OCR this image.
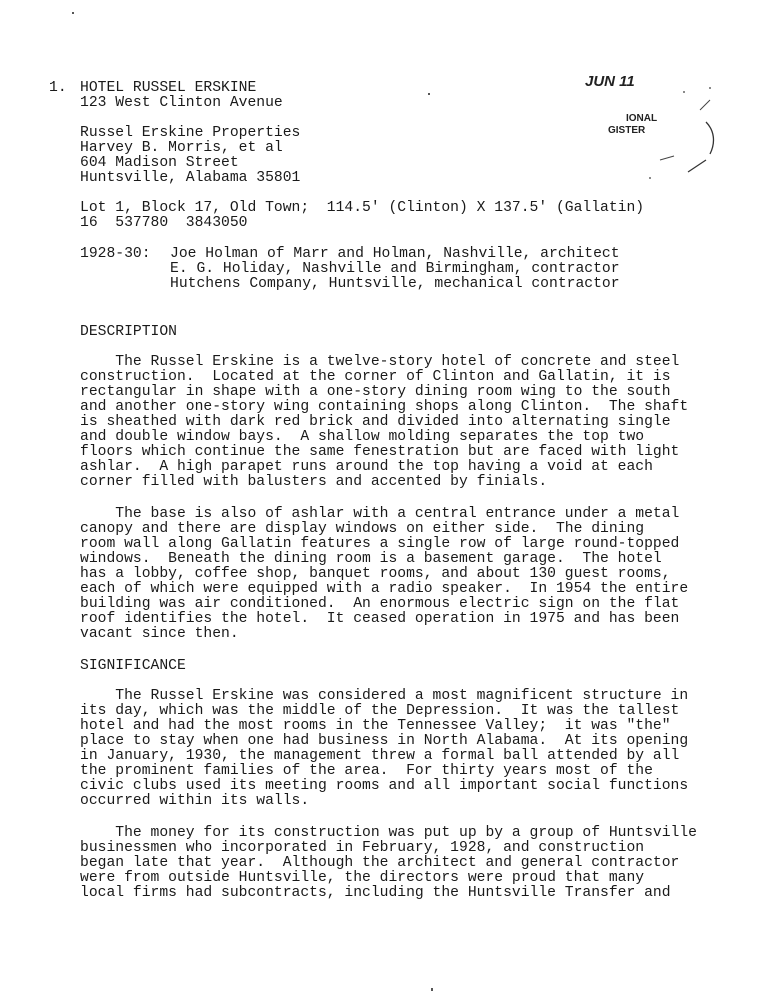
1. HOTEL RUSSEL ERSKINE
123 West Clinton Avenue
Russel Erskine Properties
Harvey B. Morris, et al
604 Madison Street
Huntsville, Alabama 35801
Lot 1, Block 17, Old Town;  114.5' (Clinton) X 137.5' (Gallatin)
16  537780  3843050
1928-30: Joe Holman of Marr and Holman, Nashville, architect
E. G. Holiday, Nashville and Birmingham, contractor
Hutchens Company, Huntsville, mechanical contractor
JUN 11
IONAL
GISTER
DESCRIPTION
The Russel Erskine is a twelve-story hotel of concrete and steel
construction.  Located at the corner of Clinton and Gallatin, it is
rectangular in shape with a one-story dining room wing to the south
and another one-story wing containing shops along Clinton.  The shaft
is sheathed with dark red brick and divided into alternating single
and double window bays.  A shallow molding separates the top two
floors which continue the same fenestration but are faced with light
ashlar.  A high parapet runs around the top having a void at each
corner filled with balusters and accented by finials.
The base is also of ashlar with a central entrance under a metal
canopy and there are display windows on either side.  The dining
room wall along Gallatin features a single row of large round-topped
windows.  Beneath the dining room is a basement garage.  The hotel
has a lobby, coffee shop, banquet rooms, and about 130 guest rooms,
each of which were equipped with a radio speaker.  In 1954 the entire
building was air conditioned.  An enormous electric sign on the flat
roof identifies the hotel.  It ceased operation in 1975 and has been
vacant since then.
SIGNIFICANCE
The Russel Erskine was considered a most magnificent structure in
its day, which was the middle of the Depression.  It was the tallest
hotel and had the most rooms in the Tennessee Valley;  it was "the"
place to stay when one had business in North Alabama.  At its opening
in January, 1930, the management threw a formal ball attended by all
the prominent families of the area.  For thirty years most of the
civic clubs used its meeting rooms and all important social functions
occurred within its walls.
The money for its construction was put up by a group of Huntsville
businessmen who incorporated in February, 1928, and construction
began late that year.  Although the architect and general contractor
were from outside Huntsville, the directors were proud that many
local firms had subcontracts, including the Huntsville Transfer and
